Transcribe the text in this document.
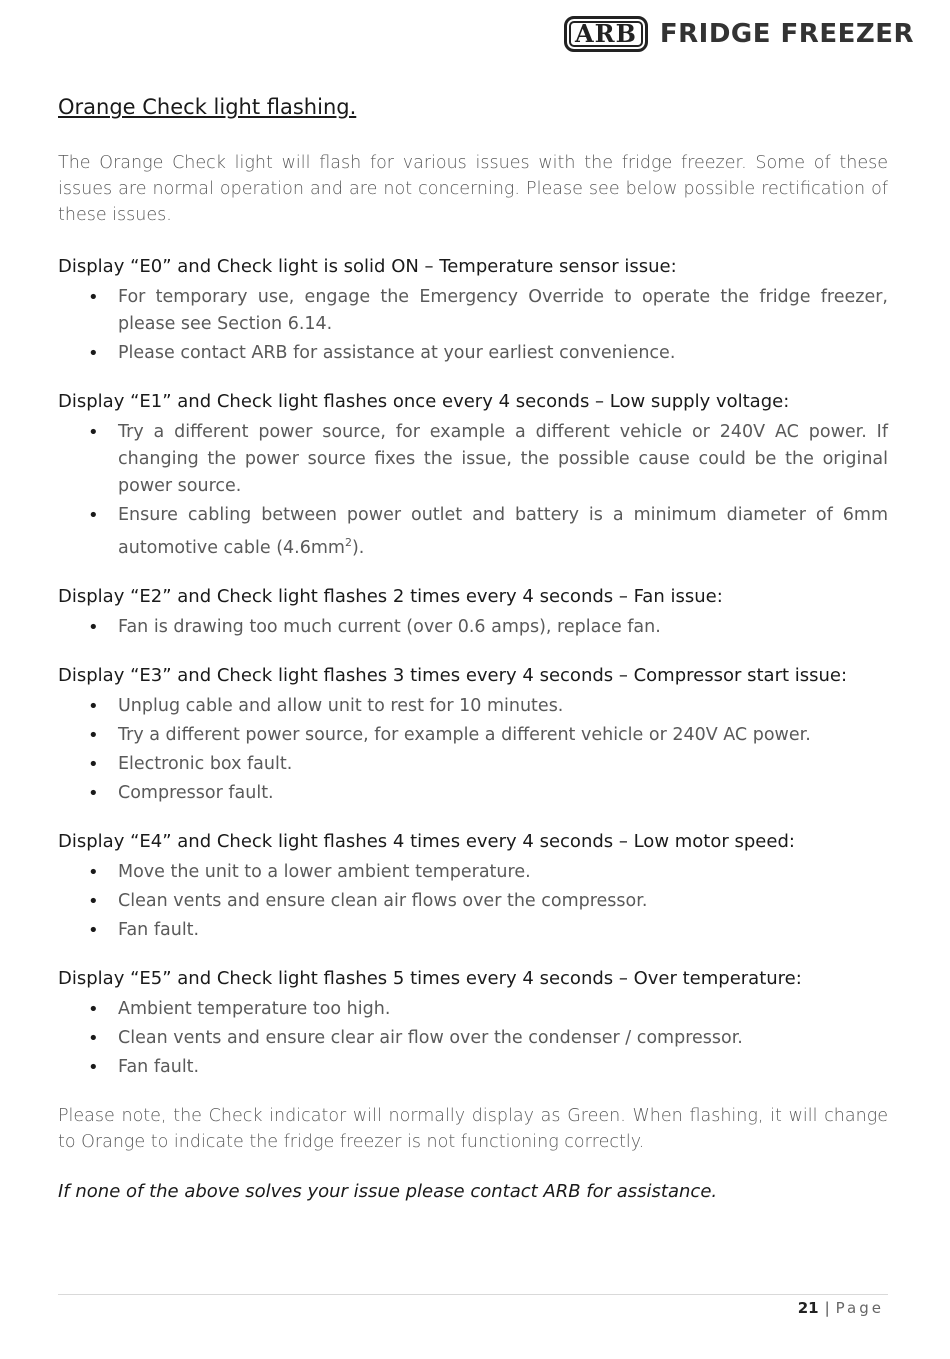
ARB FRIDGE FREEZER
Orange Check light flashing.

The Orange Check light will flash for various issues with the fridge freezer. Some of these issues are normal operation and are not concerning. Please see below possible rectification of these issues.

Display “E0” and Check light is solid ON – Temperature sensor issue:
• For temporary use, engage the Emergency Override to operate the fridge freezer, please see Section 6.14.
• Please contact ARB for assistance at your earliest convenience.
Display “E1” and Check light flashes once every 4 seconds – Low supply voltage:
• Try a different power source, for example a different vehicle or 240V AC power. If changing the power source fixes the issue, the possible cause could be the original power source.
• Ensure cabling between power outlet and battery is a minimum diameter of 6mm automotive cable $(4.6mm^2)$.
Display “E2” and Check light flashes 2 times every 4 seconds – Fan issue:
• Fan is drawing too much current (over 0.6 amps), replace fan.
Display “E3” and Check light flashes 3 times every 4 seconds – Compressor start issue:
• Unplug cable and allow unit to rest for 10 minutes.
• Try a different power source, for example a different vehicle or 240V AC power.
• Electronic box fault.
• Compressor fault.
Display “E4” and Check light flashes 4 times every 4 seconds – Low motor speed:
• Move the unit to a lower ambient temperature.
• Clean vents and ensure clean air flows over the compressor.
• Fan fault.
Display “E5” and Check light flashes 5 times every 4 seconds – Over temperature:
• Ambient temperature too high.
• Clean vents and ensure clear air flow over the condenser / compressor.
• Fan fault.

Please note, the Check indicator will normally display as Green. When flashing, it will change to Orange to indicate the fridge freezer is not functioning correctly.

If none of the above solves your issue please contact ARB for assistance.
21 | Page
